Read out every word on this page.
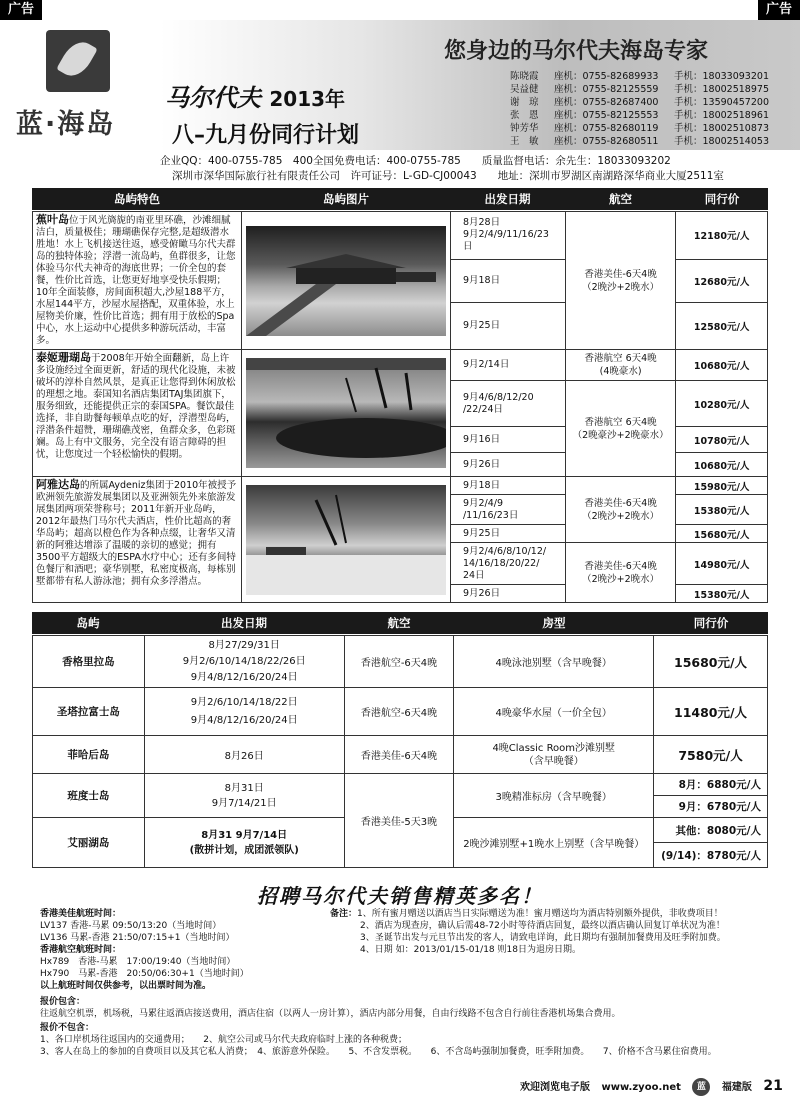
广告	广告
蓝·海岛
马尔代夫 2013年
八–九月份同行计划
您身边的马尔代夫海岛专家
陈晓霞 座机：0755-82689933 手机：18033093201
吴益健 座机：0755-82125559 手机：18002518975
谢　琼 座机：0755-82687400 手机：13590457200
张　恩 座机：0755-82125553 手机：18002518961
钟芳华 座机：0755-82680119 手机：18002510873
王　敏 座机：0755-82680511 手机：18002514053
企业QQ：400-0755-785　 400全国免费电话：400-0755-785　　 质量监督电话：余先生：18033093202
深圳市深华国际旅行社有限责任公司　 许可证号：L-GD-CJ00043　　 地址：深圳市罗湖区南湖路深华商业大厦2511室
岛屿特色	岛屿图片	出发日期	航空	同行价
蕉叶岛位于风光旖旎的南亚里环礁，沙滩细腻洁白，质量极佳；珊瑚礁保存完整,是超级潜水胜地！水上飞机接送往返，感受俯瞰马尔代夫群岛的独特体验；浮潜一流岛屿，鱼群很多，让您体验马尔代夫神奇的海底世界；一价全包的套餐，性价比首选，让您更好地享受快乐假期；10年全面装修，房间面积超大,沙屋188平方，水屋144平方，沙屋水屋搭配，双重体验，水上屋物美价廉，性价比首选；拥有用于放松的Spa中心，水上运动中心提供多种游玩活动，丰富多。		8月28日
9月2/4/9/11/16/23日	香港美佳-6天4晚
（2晚沙+2晚水）	12180元/人
		9月18日		12680元/人
		9月25日		12580元/人
泰姬珊瑚岛于2008年开始全面翻新，岛上许多设施经过全面更新，舒适的现代化设施，未被破坏的淳朴自然风景，是真正让您得到休闲放松的理想之地。泰国知名酒店集团TAJ集团旗下，服务细致，还能提供正宗的泰国SPA。餐饮最佳选择，非自助餐每顿单点吃的好，浮潜型岛屿，浮潜条件超赞，珊瑚礁茂密，鱼群众多，色彩斑斓。岛上有中文服务，完全没有语言障碍的担忧，让您度过一个轻松愉快的假期。		9月2/14日	香港航空 6天4晚
(4晚豪水)	10680元/人
		9月4/6/8/12/20
/22/24日	香港航空 6天4晚
（2晚豪沙+2晚豪水）	10280元/人
		9月16日		10780元/人
		9月26日		10680元/人
阿雅达岛的所属Aydeniz集团于2010年被授予欧洲领先旅游发展集团以及亚洲领先外来旅游发展集团两项荣誉称号；2011年新开业岛屿，2012年最热门马尔代夫酒店，性价比超高的奢华岛屿；超高以橙色作为各种点缀，让奢华又清新的阿雅达增添了温暖的亲切的感觉；拥有3500平方超级大的ESPA水疗中心；还有多间特色餐厅和酒吧；豪华别墅，私密度极高，每栋别墅都带有私人游泳池；拥有众多浮潜点。		9月18日	香港美佳-6天4晚
（2晚沙+2晚水）	15980元/人
		9月2/4/9
/11/16/23日		15380元/人
		9月25日		15680元/人
		9月2/4/6/8/10/12/
14/16/18/20/22/
24日	香港美佳-6天4晚
（2晚沙+2晚水）	14980元/人
		9月26日		15380元/人
岛屿	出发日期	航空	房型	同行价
香格里拉岛	8月27/29/31日
9月2/6/10/14/18/22/26日
9月4/8/12/16/20/24日	香港航空-6天4晚	4晚泳池别墅（含早晚餐）	15680元/人
圣塔拉富士岛	9月2/6/10/14/18/22日
9月4/8/12/16/20/24日	香港航空-6天4晚	4晚豪华水屋（一价全包）	11480元/人
菲哈后岛	8月26日	香港美佳-6天4晚	4晚Classic Room沙滩别墅
（含早晚餐）	7580元/人
班度士岛	8月31日
9月7/14/21日	香港美佳-5天3晚	3晚精准标房（含早晚餐）	8月：6880元/人
				9月：6780元/人
艾丽湖岛	8月31 9月7/14日
(散拼计划，成团派领队)		2晚沙滩别墅+1晚水上别墅（含早晚餐）	其他：8080元/人
				(9/14)：8780元/人
招聘马尔代夫销售精英多名！
香港美佳航班时间：
LV137 香港-马累 09:50/13:20（当地时间）
LV136 马累-香港 21:50/07:15+1（当地时间）
香港航空航班时间：
Hx789　香港-马累　17:00/19:40（当地时间）
Hx790　马累-香港　20:50/06:30+1（当地时间）
以上航班时间仅供参考，以出票时间为准。
备注：1、所有蜜月赠送以酒店当日实际赠送为准！蜜月赠送均为酒店特别额外提供，非收费项目！
2、酒店为现查房，确认后需48-72小时等待酒店回复，最终以酒店确认回复订单状况为准！
3、圣诞节出发与元旦节出发的客人，请致电详询，此日期均有强制加餐费用及旺季附加费。
4、日期 如：2013/01/15-01/18 则18日为退房日期。
报价包含：
往返航空机票，机场税，马累往返酒店接送费用，酒店住宿（以两人一房计算），酒店内部分用餐，自由行线路不包含自行前往香港机场集合费用。
报价不包含：
1、各口岸机场往返国内的交通费用；　　2、航空公司或马尔代夫政府临时上涨的各种税费；
3、客人在岛上的参加的自费项目以及其它私人消费；　4、旅游意外保险。　　5、不含发票税。　　6、不含岛屿强制加餐费，旺季附加费。　　7、价格不含马累住宿费用。
欢迎浏览电子版 www.zyoo.net 蓝 福建版 21
